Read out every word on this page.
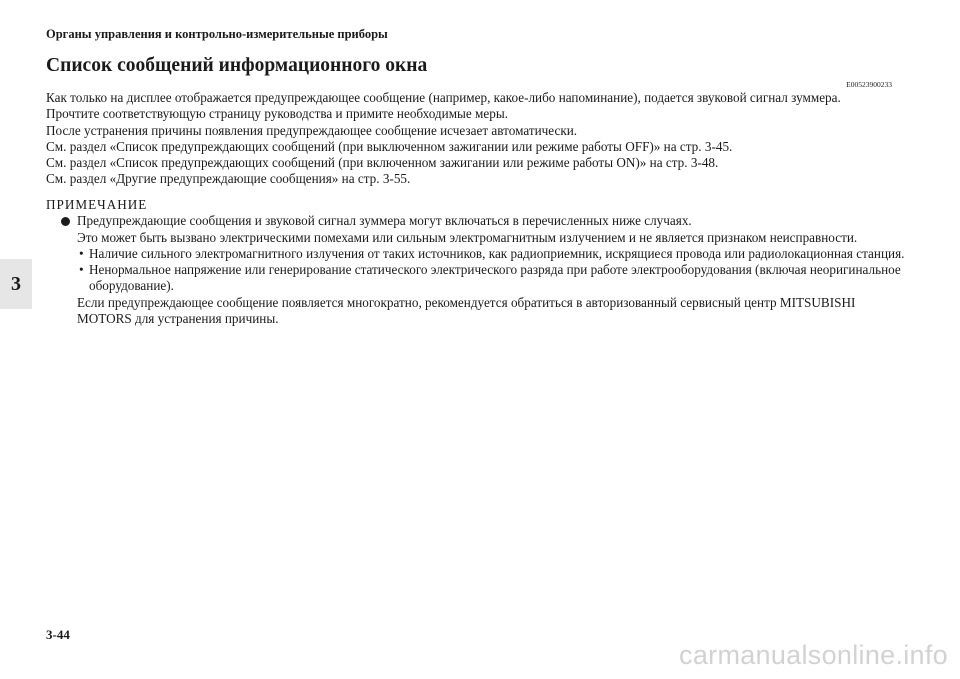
Органы управления и контрольно-измерительные приборы
Список сообщений информационного окна
E00523900233

Как только на дисплее отображается предупреждающее сообщение (например, какое-либо напоминание), подается звуковой сигнал зуммера.

Прочтите соответствующую страницу руководства и примите необходимые меры.

После устранения причины появления предупреждающее сообщение исчезает автоматически.

См. раздел «Список предупреждающих сообщений (при выключенном зажигании или режиме работы OFF)» на стр. 3-45.

См. раздел «Список предупреждающих сообщений (при включенном зажигании или режиме работы ON)» на стр. 3-48.

См. раздел «Другие предупреждающие сообщения» на стр. 3-55.

ПРИМЕЧАНИЕ
Предупреждающие сообщения и звуковой сигнал зуммера могут включаться в перечисленных ниже случаях.
Это может быть вызвано электрическими помехами или сильным электромагнитным излучением и не является признаком неисправности.
• Наличие сильного электромагнитного излучения от таких источников, как радиоприемник, искрящиеся провода или радиолокационная станция.
• Ненормальное напряжение или генерирование статического электрического разряда при работе электрооборудования (включая неоригинальное оборудование).
Если предупреждающее сообщение появляется многократно, рекомендуется обратиться в авторизованный сервисный центр MITSUBISHI MOTORS для устранения причины.
3
3-44
carmanualsonline.info
